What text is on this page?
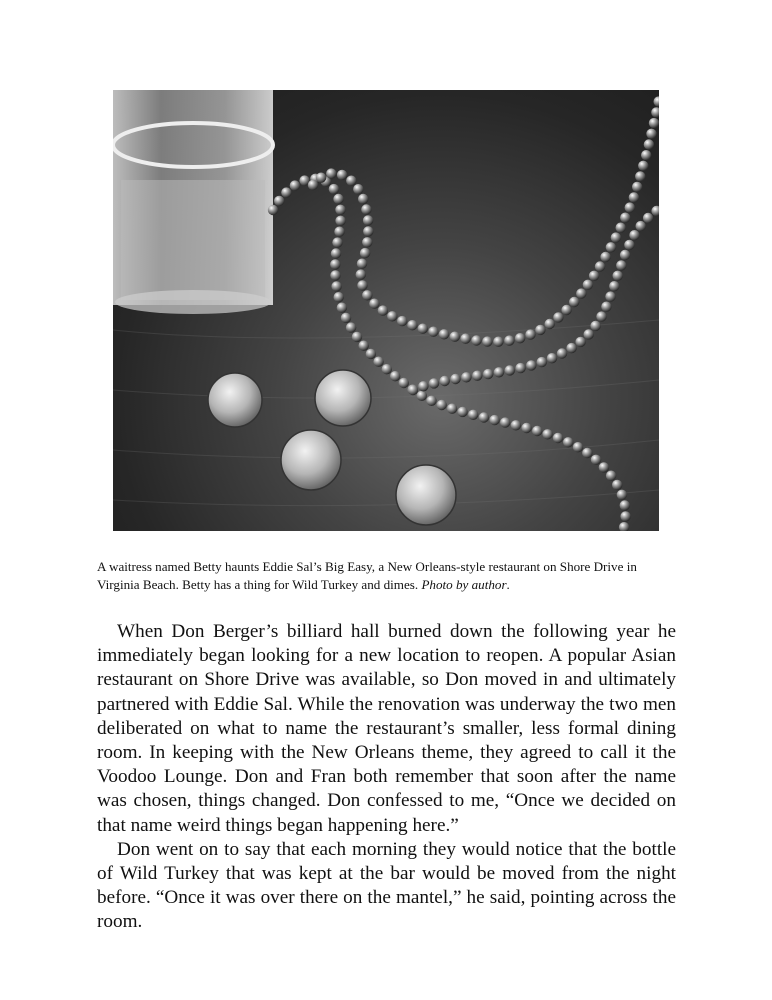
A waitress named Betty haunts Eddie Sal’s Big Easy, a New Orleans-style restaurant on Shore Drive in Virginia Beach. Betty has a thing for Wild Turkey and dimes. Photo by author.

When Don Berger’s billiard hall burned down the following year he immediately began looking for a new location to reopen. A popular Asian restaurant on Shore Drive was available, so Don moved in and ultimately partnered with Eddie Sal. While the renovation was underway the two men deliberated on what to name the restaurant’s smaller, less formal dining room. In keeping with the New Orleans theme, they agreed to call it the Voodoo Lounge. Don and Fran both remember that soon after the name was chosen, things changed. Don confessed to me, “Once we decided on that name weird things began happening here.”

Don went on to say that each morning they would notice that the bottle of Wild Turkey that was kept at the bar would be moved from the night before. “Once it was over there on the mantel,” he said, pointing across the room.
